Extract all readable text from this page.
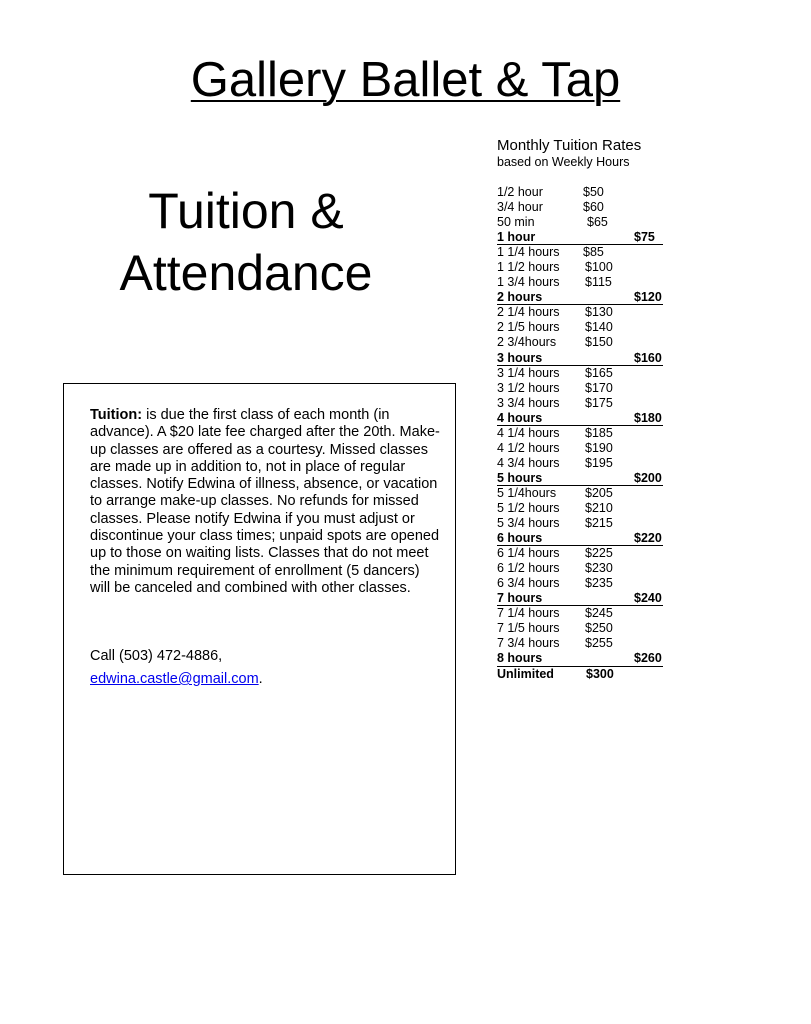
Gallery Ballet & Tap
Tuition &
Attendance
Tuition: is due the first class of each month (in advance). A $20 late fee charged after the 20th. Make-up classes are offered as a courtesy. Missed classes are made up in addition to, not in place of regular classes. Notify Edwina of illness, absence, or vacation to arrange make-up classes. No refunds for missed classes. Please notify Edwina if you must adjust or discontinue your class times; unpaid spots are opened up to those on waiting lists. Classes that do not meet the minimum requirement of enrollment (5 dancers) will be canceled and combined with other classes.
Call (503) 472-4886,
edwina.castle@gmail.com.
Monthly Tuition Rates
based on Weekly Hours
1/2 hour	$50
3/4 hour	$60
50 min	$65
1 hour	$75
1 1/4 hours $85
1 1/2 hours $100
1 3/4 hours $115
2 hours	$120
2 1/4 hours $130
2 1/5 hours $140
2 3/4hours $150
3 hours	$160
3 1/4 hours $165
3 1/2 hours $170
3 3/4 hours $175
4 hours	$180
4 1/4 hours $185
4 1/2 hours $190
4 3/4 hours $195
5 hours	$200
5 1/4hours $205
5 1/2 hours $210
5 3/4 hours $215
6 hours	$220
6 1/4 hours $225
6 1/2 hours $230
6 3/4 hours $235
7 hours	$240
7 1/4 hours $245
7 1/5 hours $250
7 3/4 hours $255
8 hours	$260
Unlimited	$300
